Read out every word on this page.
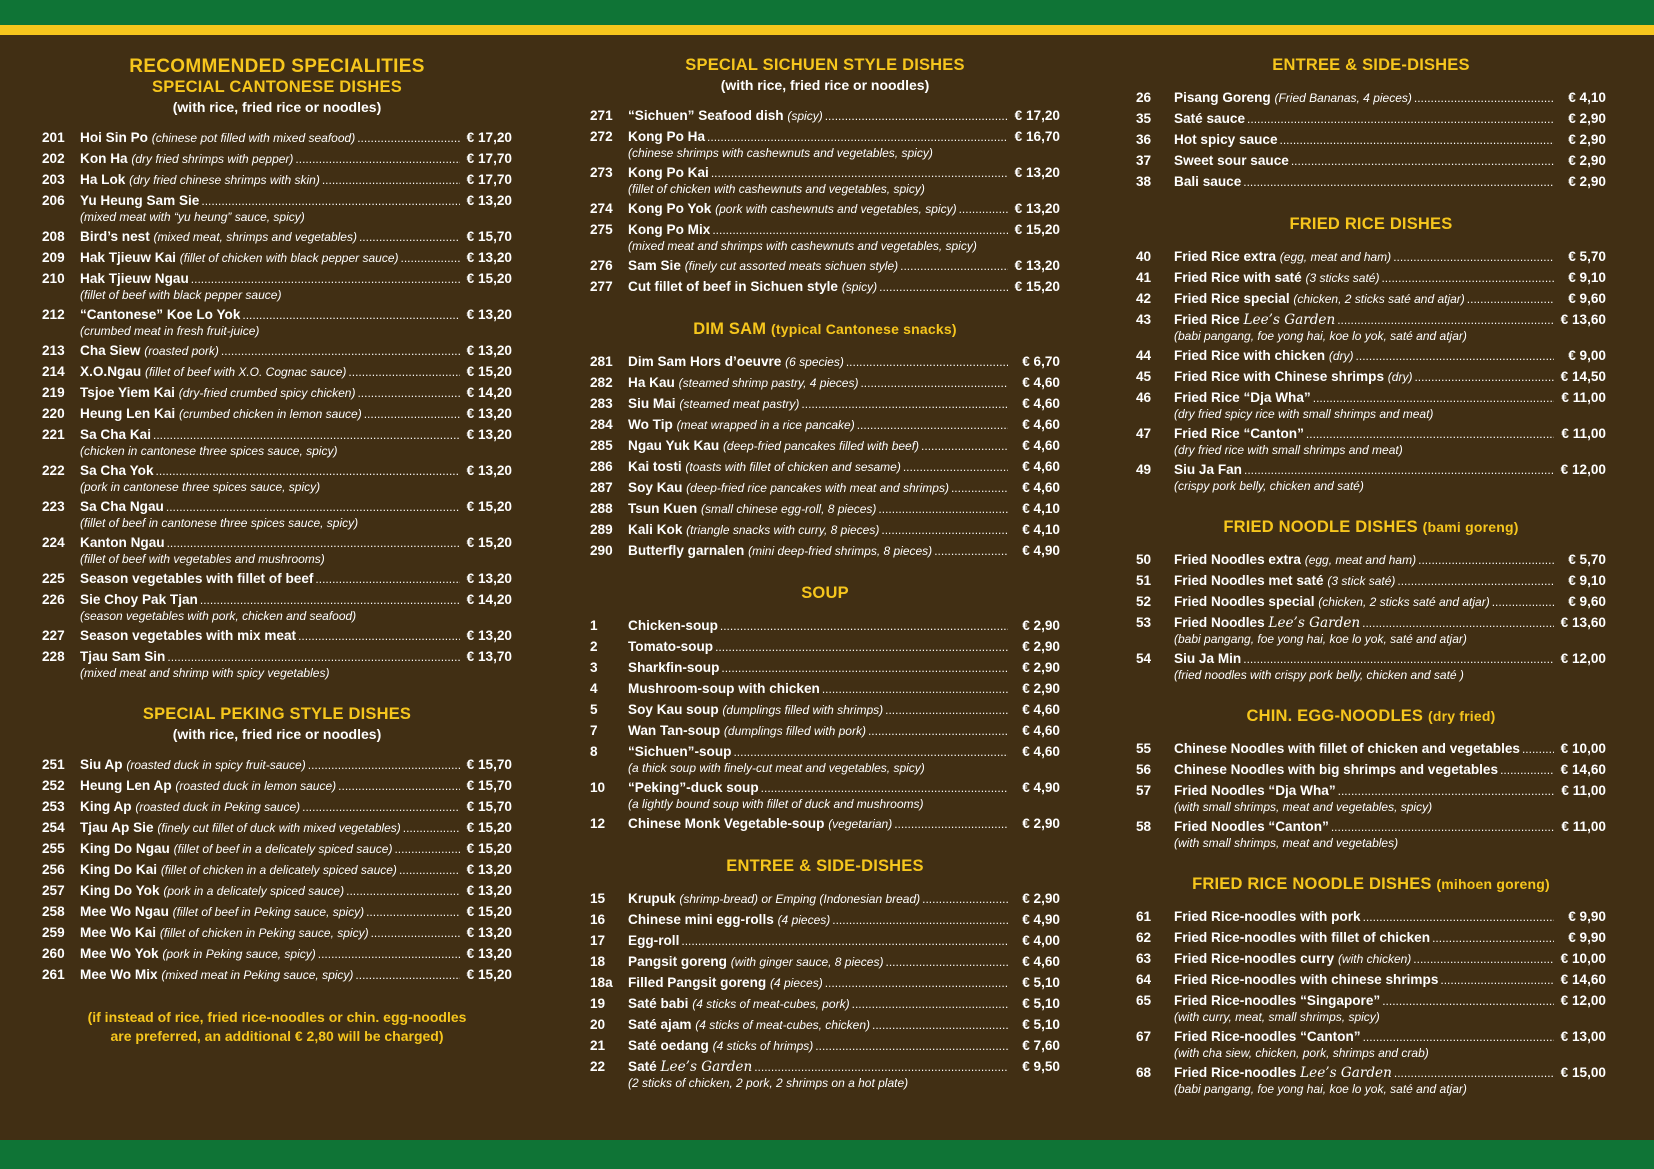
RECOMMENDED SPECIALITIES
SPECIAL CANTONESE DISHES
(with rice, fried rice or noodles)
201	Hoi Sin Po
(chinese pot filled with mixed seafood) .....	€ 17,20
202	Kon Ha
(dry fried shrimps with pepper) .....	€ 17,70
203	Ha Lok
(dry fried chinese shrimps with skin) .....	€ 17,70
206	Yu Heung Sam Sie .....	€ 13,20
(mixed meat with “yu heung” sauce, spicy)
208	Bird’s nest
(mixed meat, shrimps and vegetables) .....	€ 15,70
209	Hak Tjieuw Kai
(fillet of chicken with black pepper sauce) .....	€ 13,20
210	Hak Tjieuw Ngau .....	€ 15,20
(fillet of beef with black pepper sauce)
212	“Cantonese” Koe Lo Yok .....	€ 13,20
(crumbed meat in fresh fruit-juice)
213	Cha Siew
(roasted pork) .....	€ 13,20
214	X.O.Ngau
(fillet of beef with X.O. Cognac sauce) .....	€ 15,20
219	Tsjoe Yiem Kai
(dry-fried crumbed spicy chicken) .....	€ 14,20
220	Heung Len Kai
(crumbed chicken in lemon sauce) .....	€ 13,20
221	Sa Cha Kai .....	€ 13,20
(chicken in cantonese three spices sauce, spicy)
222	Sa Cha Yok .....	€ 13,20
(pork in cantonese three spices sauce, spicy)
223	Sa Cha Ngau .....	€ 15,20
(fillet of beef in cantonese three spices sauce, spicy)
224	Kanton Ngau .....	€ 15,20
(fillet of beef with vegetables and mushrooms)
225	Season vegetables with fillet of beef .....	€ 13,20
226	Sie Choy Pak Tjan .....	€ 14,20
(season vegetables with pork, chicken and seafood)
227	Season vegetables with mix meat .....	€ 13,20
228	Tjau Sam Sin .....	€ 13,70
(mixed meat and shrimp with spicy vegetables)
SPECIAL PEKING STYLE DISHES
(with rice, fried rice or noodles)
251	Siu Ap
(roasted duck in spicy fruit-sauce) .....	€ 15,70
252	Heung Len Ap
(roasted duck in lemon sauce) .....	€ 15,70
253	King Ap
(roasted duck in Peking sauce) .....	€ 15,70
254	Tjau Ap Sie
(finely cut fillet of duck with mixed vegetables) .....	€ 15,20
255	King Do Ngau
(fillet of beef in a delicately spiced sauce) .....	€ 15,20
256	King Do Kai
(fillet of chicken in a delicately spiced sauce) .....	€ 13,20
257	King Do Yok
(pork in a delicately spiced sauce) .....	€ 13,20
258	Mee Wo Ngau
(fillet of beef in Peking sauce, spicy) .....	€ 15,20
259	Mee Wo Kai
(fillet of chicken in Peking sauce, spicy) .....	€ 13,20
260	Mee Wo Yok
(pork in Peking sauce, spicy) .....	€ 13,20
261	Mee Wo Mix
(mixed meat in Peking sauce, spicy) .....	€ 15,20
(if instead of rice, fried rice-noodles or chin. egg-noodles
are preferred, an additional € 2,80 will be charged)
SPECIAL SICHUEN STYLE DISHES
(with rice, fried rice or noodles)
271	“Sichuen” Seafood dish
(spicy) .....	€ 17,20
272	Kong Po Ha .....	€ 16,70
(chinese shrimps with cashewnuts and vegetables, spicy)
273	Kong Po Kai .....	€ 13,20
(fillet of chicken with cashewnuts and vegetables, spicy)
274	Kong Po Yok
(pork with cashewnuts and vegetables, spicy) .....	€ 13,20
275	Kong Po Mix .....	€ 15,20
(mixed meat and shrimps with cashewnuts and vegetables, spicy)
276	Sam Sie
(finely cut assorted meats sichuen style) .....	€ 13,20
277	Cut fillet of beef in Sichuen style
(spicy) .....	€ 15,20
DIM SAM (typical Cantonese snacks)
281	Dim Sam Hors d’oeuvre
(6 species) .....	€ 6,70
282	Ha Kau
(steamed shrimp pastry, 4 pieces) .....	€ 4,60
283	Siu Mai
(steamed meat pastry) .....	€ 4,60
284	Wo Tip
(meat wrapped in a rice pancake) .....	€ 4,60
285	Ngau Yuk Kau
(deep-fried pancakes filled with beef) .....	€ 4,60
286	Kai tosti
(toasts with fillet of chicken and sesame) .....	€ 4,60
287	Soy Kau
(deep-fried rice pancakes with meat and shrimps) .....	€ 4,60
288	Tsun Kuen
(small chinese egg-roll, 8 pieces) .....	€ 4,10
289	Kali Kok
(triangle snacks with curry, 8 pieces) .....	€ 4,10
290	Butterfly garnalen
(mini deep-fried shrimps, 8 pieces) .....	€ 4,90
SOUP
1	Chicken-soup .....	€ 2,90
2	Tomato-soup .....	€ 2,90
3	Sharkfin-soup .....	€ 2,90
4	Mushroom-soup with chicken .....	€ 2,90
5	Soy Kau soup
(dumplings filled with shrimps) .....	€ 4,60
7	Wan Tan-soup
(dumplings filled with pork) .....	€ 4,60
8	“Sichuen”-soup .....	€ 4,60
(a thick soup with finely-cut meat and vegetables, spicy)
10	“Peking”-duck soup .....	€ 4,90
(a lightly bound soup with fillet of duck and mushrooms)
12	Chinese Monk Vegetable-soup
(vegetarian) .....	€ 2,90
ENTREE & SIDE-DISHES
15	Krupuk
(shrimp-bread) or Emping (Indonesian bread) .....	€ 2,90
16	Chinese mini egg-rolls
(4 pieces) .....	€ 4,90
17	Egg-roll .....	€ 4,00
18	Pangsit goreng
(with ginger sauce, 8 pieces) .....	€ 4,60
18a	Filled Pangsit goreng
(4 pieces) .....	€ 5,10
19	Saté babi
(4 sticks of meat-cubes, pork) .....	€ 5,10
20	Saté ajam
(4 sticks of meat-cubes, chicken) .....	€ 5,10
21	Saté oedang
(4 sticks of hrimps) .....	€ 7,60
22	Saté
Lee’s Garden .....	€ 9,50
(2 sticks of chicken, 2 pork, 2 shrimps on a hot plate)
ENTREE & SIDE-DISHES
26	Pisang Goreng
(Fried Bananas, 4 pieces) .....	€ 4,10
35	Saté sauce .....	€ 2,90
36	Hot spicy sauce .....	€ 2,90
37	Sweet sour sauce .....	€ 2,90
38	Bali sauce .....	€ 2,90
FRIED RICE DISHES
40	Fried Rice extra
(egg, meat and ham) .....	€ 5,70
41	Fried Rice with saté
(3 sticks saté) .....	€ 9,10
42	Fried Rice special
(chicken, 2 sticks saté and atjar) .....	€ 9,60
43	Fried Rice
Lee’s Garden .....	€ 13,60
(babi pangang, foe yong hai, koe lo yok, saté and atjar)
44	Fried Rice with chicken
(dry) .....	€ 9,00
45	Fried Rice with Chinese shrimps
(dry) .....	€ 14,50
46	Fried Rice “Dja Wha” .....	€ 11,00
(dry fried spicy rice with small shrimps and meat)
47	Fried Rice “Canton” .....	€ 11,00
(dry fried rice with small shrimps and meat)
49	Siu Ja Fan .....	€ 12,00
(crispy pork belly, chicken and saté)
FRIED NOODLE DISHES (bami goreng)
50	Fried Noodles extra
(egg, meat and ham) .....	€ 5,70
51	Fried Noodles met saté
(3 stick saté) .....	€ 9,10
52	Fried Noodles special
(chicken, 2 sticks saté and atjar) .....	€ 9,60
53	Fried Noodles
Lee’s Garden .....	€ 13,60
(babi pangang, foe yong hai, koe lo yok, saté and atjar)
54	Siu Ja Min .....	€ 12,00
(fried noodles with crispy pork belly, chicken and saté )
CHIN. EGG-NOODLES (dry fried)
55	Chinese Noodles with fillet of chicken and vegetables .....	€ 10,00
56	Chinese Noodles with big shrimps and vegetables .....	€ 14,60
57	Fried Noodles “Dja Wha” .....	€ 11,00
(with small shrimps, meat and vegetables, spicy)
58	Fried Noodles “Canton” .....	€ 11,00
(with small shrimps, meat and vegetables)
FRIED RICE NOODLE DISHES (mihoen goreng)
61	Fried Rice-noodles with pork .....	€ 9,90
62	Fried Rice-noodles with fillet of chicken .....	€ 9,90
63	Fried Rice-noodles curry
(with chicken) .....	€ 10,00
64	Fried Rice-noodles with chinese shrimps .....	€ 14,60
65	Fried Rice-noodles “Singapore” .....	€ 12,00
(with curry, meat, small shrimps, spicy)
67	Fried Rice-noodles “Canton” .....	€ 13,00
(with cha siew, chicken, pork, shrimps and crab)
68	Fried Rice-noodles
Lee’s Garden .....	€ 15,00
(babi pangang, foe yong hai, koe lo yok, saté and atjar)
